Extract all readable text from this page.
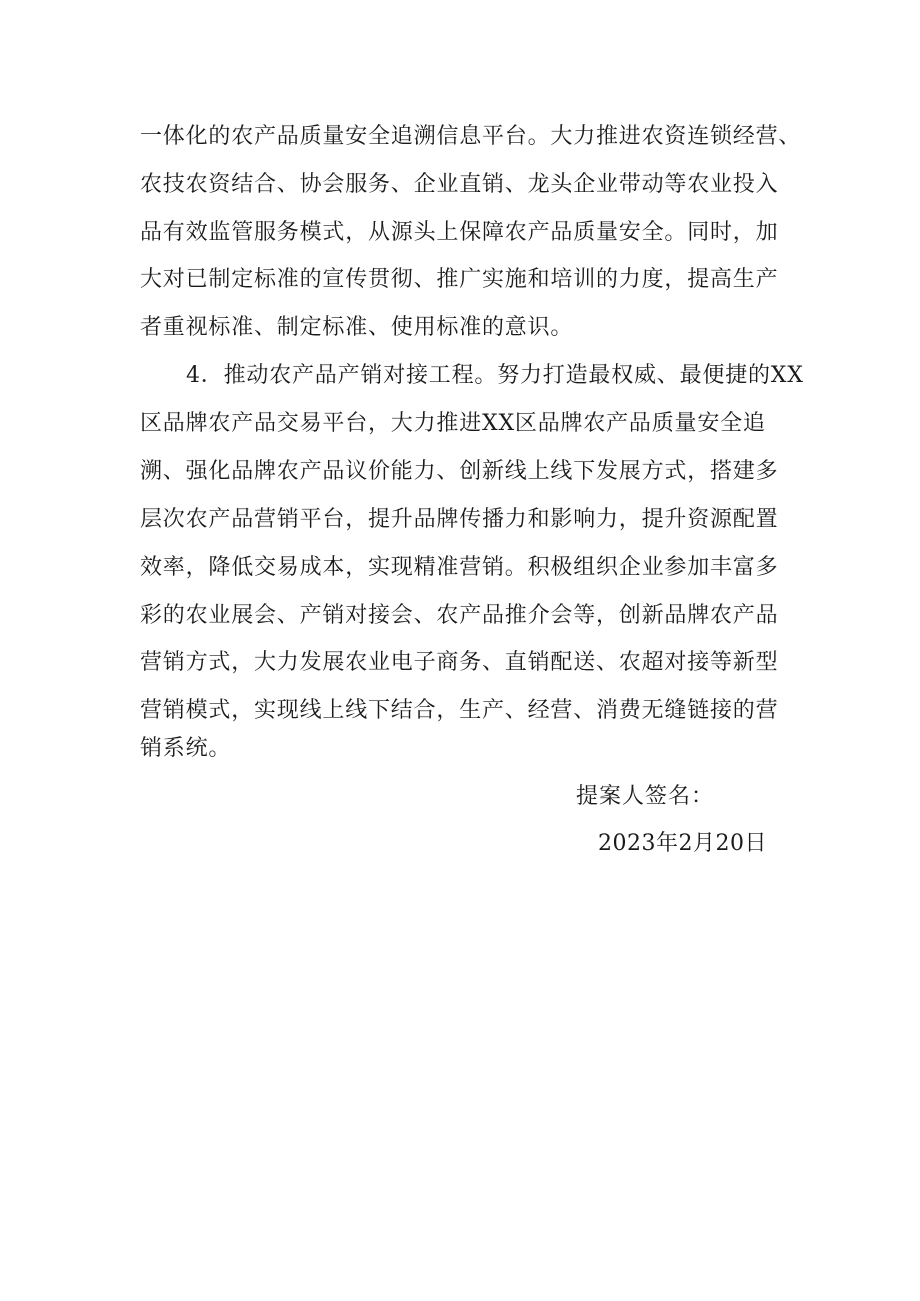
一体化的农产品质量安全追溯信息平台。大力推进农资连锁经营、
农技农资结合、协会服务、企业直销、龙头企业带动等农业投入
品有效监管服务模式，从源头上保障农产品质量安全。同时，加
大对已制定标准的宣传贯彻、推广实施和培训的力度，提高生产
者重视标准、制定标准、使用标准的意识。
4．推动农产品产销对接工程。努力打造最权威、最便捷的XX
区品牌农产品交易平台，大力推进XX区品牌农产品质量安全追
溯、强化品牌农产品议价能力、创新线上线下发展方式，搭建多
层次农产品营销平台，提升品牌传播力和影响力，提升资源配置
效率，降低交易成本，实现精准营销。积极组织企业参加丰富多
彩的农业展会、产销对接会、农产品推介会等，创新品牌农产品
营销方式，大力发展农业电子商务、直销配送、农超对接等新型
营销模式，实现线上线下结合，生产、经营、消费无缝链接的营
销系统。
提案人签名：
2023年2月20日
